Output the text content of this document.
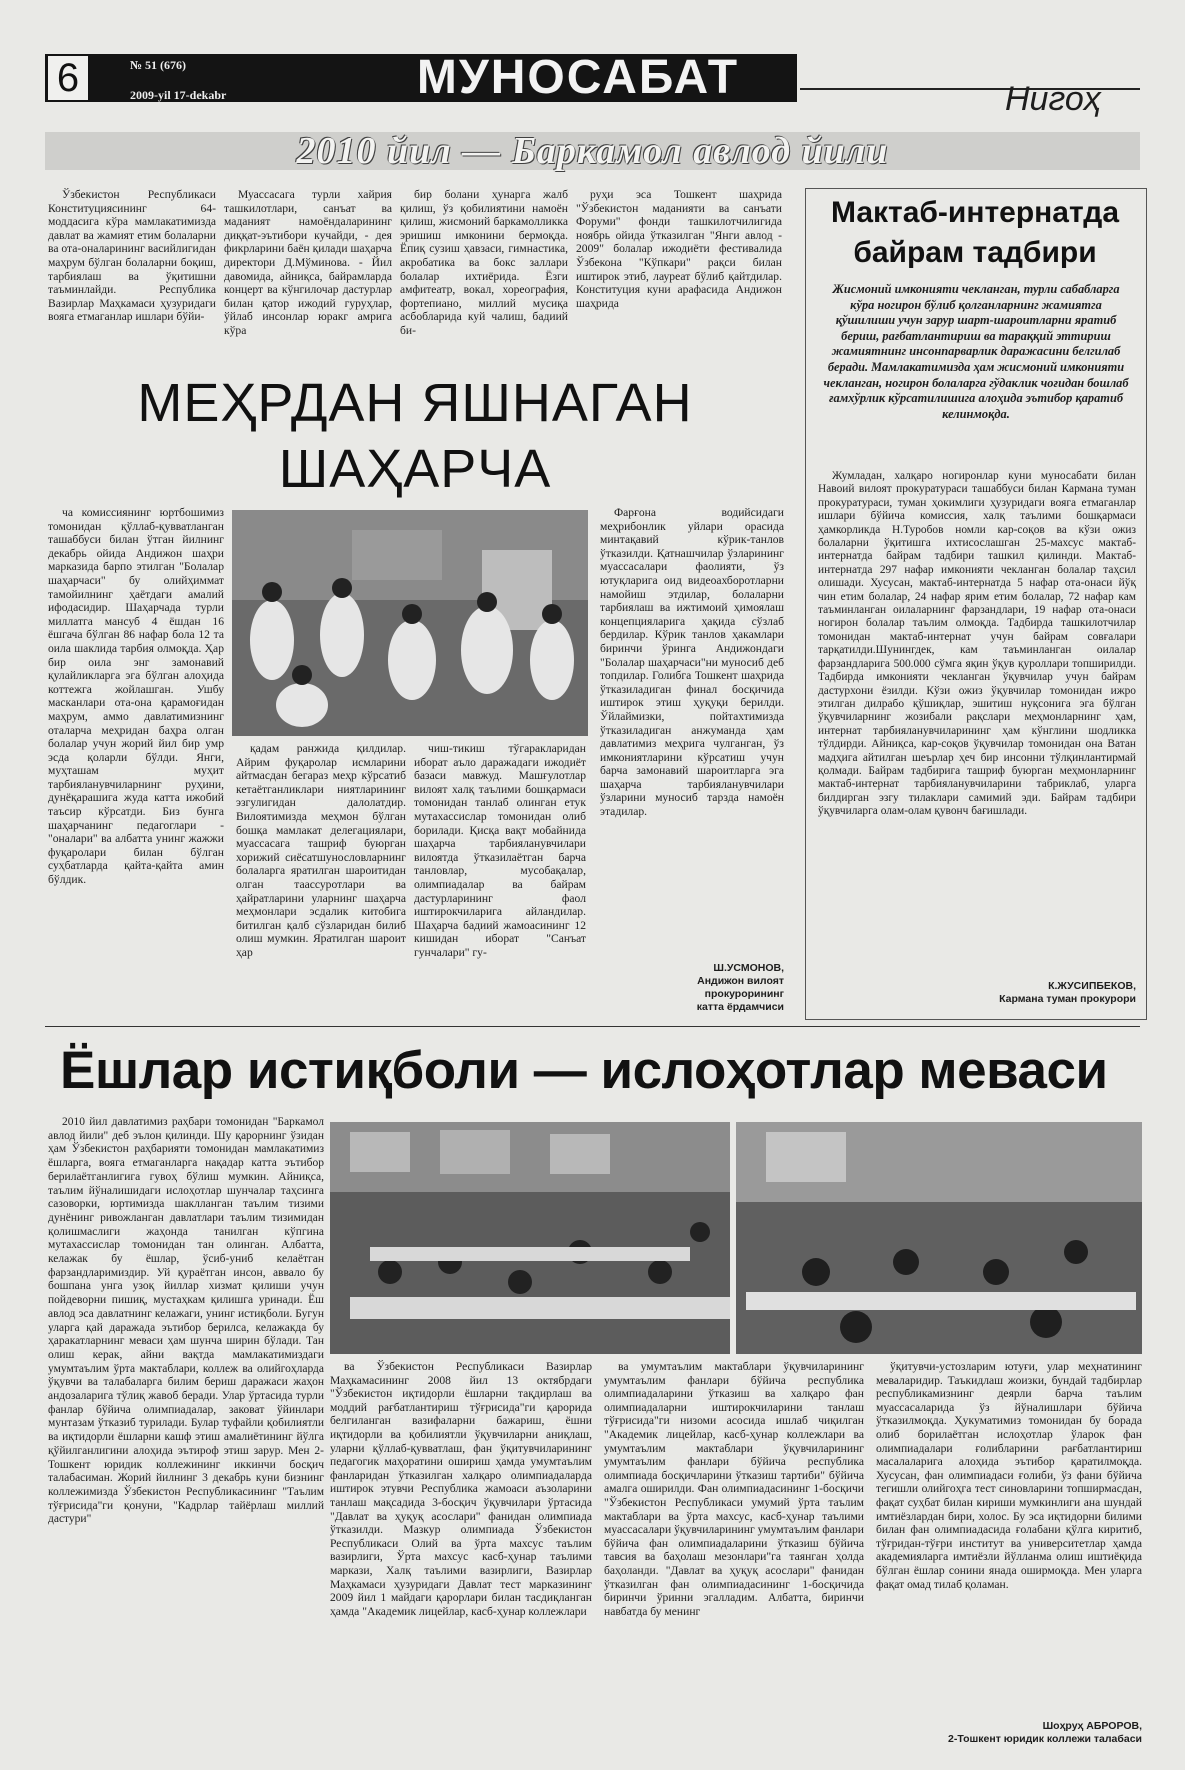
6	№ 51 (676)
2009-yil 17-dekabr	МУНОСАБАТ	Нигоҳ
2010 йил — Баркамол авлод йили

Ўзбекистон Республикаси Конституциясининг 64-моддасига кўра мамлакатимизда давлат ва жамият етим болаларни ва ота-оналарининг васийлигидан маҳрум бўлган болаларни боқиш, тарбиялаш ва ўқитишни таъминлайди. Республика Вазирлар Маҳкамаси ҳузуридаги вояга етмаганлар ишлари бўйи-

Муассасага турли хайрия ташкилотлари, санъат ва маданият намоёндаларининг диққат-эътибори кучайди, - дея фикрларини баён қилади шаҳарча директори Д.Мўминова. - Йил давомида, айниқса, байрамларда концерт ва кўнгилочар дастурлар билан қатор ижодий гуруҳлар, ўйлаб инсонлар юракг амрига кўра

бир болани ҳунарга жалб қилиш, ўз қобилиятини намоён қилиш, жисмоний баркамолликка эришиш имконини бермоқда. Ёпиқ сузиш ҳавзаси, гимнастика, акробатика ва бокс заллари болалар ихтиёрида. Ёзги амфитеатр, вокал, хореография, фортепиано, миллий мусиқа асбобларида куй чалиш, бадиий би-

руҳи эса Тошкент шаҳрида "Ўзбекистон маданияти ва санъати Форуми" фонди ташкилотчилигида ноябрь ойида ўтказилган "Янги авлод - 2009" болалар ижодиёти фестивалида Ўзбекона "Кўпкари" рақси билан иштирок этиб, лауреат бўлиб қайтдилар. Конституция куни арафасида Андижон шаҳрида

МЕҲРДАН ЯШНАГАН ШАҲАРЧА

ча комиссиянинг юртбошимиз томонидан қўллаб-қувватланган ташаббуси билан ўтган йилнинг декабрь ойида Андижон шаҳри марказида барпо этилган "Болалар шаҳарчаси" бу олийҳиммат тамойилнинг ҳаётдаги амалий ифодасидир. Шаҳарчада турли миллатга мансуб 4 ёшдан 16 ёшгача бўлган 86 нафар бола 12 та оила шаклида тарбия олмоқда. Ҳар бир оила энг замонавий қулайликларга эга бўлган алоҳида коттежга жойлашган. Ушбу масканлари ота-она қарамоғидан маҳрум, аммо давлатимизнинг оталарча меҳридан баҳра олган болалар учун жорий йил бир умр эсда қоларли бўлди. Янги, муҳташам муҳит тарбияланувчиларнинг руҳини, дунёқарашига жуда катта ижобий таъсир кўрсатди. Биз бунга шаҳарчанинг педагоглари - "оналари" ва албатта унинг жажжи фуқаролари билан бўлган суҳбатларда қайта-қайта амин бўлдик.

қадам ранжида қилдилар. Айрим фуқаролар исмларини айтмасдан бегараз меҳр кўрсатиб кетаётганликлари ниятларининг эзгулигидан далолатдир. Вилоятимизда меҳмон бўлган бошқа мамлакат делегациялари, муассасага ташриф буюрган хорижий сиёсатшунословларнинг болаларга яратилган шароитидан олган таассуротлари ва ҳайратларини уларнинг шаҳарча меҳмонлари эсдалик китобига битилган қалб сўзларидан билиб олиш мумкин. Яратилган шароит ҳар

чиш-тикиш тўгаракларидан иборат аъло даражадаги ижодиёт базаси мавжуд. Машғулотлар вилоят халқ таълими бошқармаси томонидан танлаб олинган етук мутахассислар томонидан олиб борилади. Қисқа вақт мобайнида шаҳарча тарбияланувчилари вилоятда ўтказилаётган барча танловлар, мусобақалар, олимпиадалар ва байрам дастурларининг фаол иштирокчиларига айландилар. Шаҳарча бадиий жамоасининг 12 кишидан иборат "Санъат гунчалари" гу-

Фарғона водийсидаги меҳрибонлик уйлари орасида минтақавий кўрик-танлов ўтказилди. Қатнашчилар ўзларининг муассасалари фаолияти, ўз ютуқларига оид видеоахборотларни намойиш этдилар, болаларни тарбиялаш ва ижтимоий ҳимоялаш концепцияларига ҳақида сўзлаб бердилар. Кўрик танлов ҳакамлари биринчи ўринга Андижондаги "Болалар шаҳарчаси"ни муносиб деб топдилар. Голибга Тошкент шаҳрида ўтказиладиган финал босқичида иштирок этиш ҳуқуқи берилди. Ўйлаймизки, пойтахтимизда ўтказиладиган анжуманда ҳам давлатимиз меҳрига чулганган, ўз имкониятларини кўрсатиш учун барча замонавий шароитларга эга шаҳарча тарбияланувчилари ўзларини муносиб тарзда намоён этадилар.

Ш.УСМОНОВ,
Андижон вилоят
прокурорининг
катта ёрдамчиси
Мактаб-интернатда байрам тадбири
Жисмоний имконияти чекланган, турли сабабларга кўра ногирон бўлиб қолганларнинг жамиятга қўшилиши учун зарур шарт-шароитларни яратиб бериш, рағбатлантириш ва тараққий эттириш жамиятнинг инсонпарварлик даражасини белгилаб беради. Мамлакатимизда ҳам жисмоний имконияти чекланган, ногирон болаларга гўдаклик чоғидан бошлаб ғамхўрлик кўрсатилишига алоҳида эътибор қаратиб келинмоқда.

Жумладан, халқаро ногиронлар куни муносабати билан Навоий вилоят прокуратураси ташаббуси билан Кармана туман прокуратураси, туман ҳокимлиги ҳузуридаги вояга етмаганлар ишлари бўйича комиссия, халқ таълими бошқармаси ҳамкорликда Н.Туробов номли кар-соқов ва кўзи ожиз болаларни ўқитишга ихтисослашган 25-махсус мактаб-интернатда байрам тадбири ташкил қилинди. Мактаб-интернатда 297 нафар имконияти чекланган болалар таҳсил олишади. Хусусан, мактаб-интернатда 5 нафар ота-онаси йўқ чин етим болалар, 24 нафар ярим етим болалар, 72 нафар кам таъминланган оилаларнинг фарзандлари, 19 нафар ота-онаси ногирон болалар таълим олмоқда. Тадбирда ташкилотчилар томонидан мактаб-интернат учун байрам совғалари тарқатилди.Шунингдек, кам таъминланган оилалар фарзандларига 500.000 сўмга яқин ўқув қуроллари топширилди. Тадбирда имконияти чекланган ўқувчилар учун байрам дастурхони ёзилди. Кўзи ожиз ўқувчилар томонидан ижро этилган дилрабо қўшиқлар, эшитиш нуқсонига эга бўлган ўқувчиларнинг жозибали рақслари меҳмонларнинг ҳам, интернат тарбияланувчиларининг ҳам кўнглини шодликка тўлдирди. Айниқса, кар-соқов ўқувчилар томонидан она Ватан мадҳига айтилган шеърлар ҳеч бир инсонни тўлқинлантирмай қолмади. Байрам тадбирига ташриф буюрган меҳмонларнинг мактаб-интернат тарбияланувчиларини табриклаб, уларга билдирган эзгу тилаклари самимий эди. Байрам тадбири ўқувчиларга олам-олам қувонч бағишлади.

К.ЖУСИПБЕКОВ,
Кармана туман прокурори
Ёшлар истиқболи — ислоҳотлар меваси

2010 йил давлатимиз раҳбари томонидан "Баркамол авлод йили" деб эълон қилинди. Шу қарорнинг ўзидан ҳам Ўзбекистон раҳбарияти томонидан мамлакатимиз ёшларга, вояга етмаганларга нақадар катта эътибор берилаётганлигига гувоҳ бўлиш мумкин. Айниқса, таълим йўналишидаги ислоҳотлар шунчалар таҳсинга сазоворки, юртимизда шаклланган таълим тизими дунёнинг ривожланган давлатлари таълим тизимидан қолишмаслиги жаҳонда танилган кўпгина мутахассислар томонидан тан олинган. Албатта, келажак бу ёшлар, ўсиб-униб келаётган фарзандларимиздир. Уй қураётган инсон, аввало бу бошпана унга узоқ йиллар хизмат қилиши учун пойдеворни пишиқ, мустаҳкам қилишга уринади. Ёш авлод эса давлатнинг келажаги, унинг истиқболи. Бугун уларга қай даражада эътибор берилса, келажакда бу ҳаракатларнинг меваси ҳам шунча ширин бўлади. Тан олиш керак, айни вақтда мамлакатимиздаги умумтаълим ўрта мактаблари, коллеж ва олийгоҳларда ўқувчи ва талабаларга билим бериш даражаси жаҳон андозаларига тўлиқ жавоб беради. Улар ўртасида турли фанлар бўйича олимпиадалар, заковат ўйинлари мунтазам ўтказиб турилади. Булар туфайли қобилиятли ва иқтидорли ёшларни кашф этиш амалиётининг йўлга қўйилганлигини алоҳида эътироф этиш зарур. Мен 2-Тошкент юридик коллежининг иккинчи босқич талабасиман. Жорий йилнинг 3 декабрь куни бизнинг коллежимизда Ўзбекистон Республикасининг "Таълим тўғрисида"ги қонуни, "Кадрлар тайёрлаш миллий дастури"

ва Ўзбекистон Республикаси Вазирлар Маҳкамасининг 2008 йил 13 октябрдаги "Ўзбекистон иқтидорли ёшларни тақдирлаш ва моддий рағбатлантириш тўғрисида"ги қарорида белгиланган вазифаларни бажариш, ёшни иқтидорли ва қобилиятли ўқувчиларни аниқлаш, уларни қўллаб-қувватлаш, фан ўқитувчиларининг педагогик маҳоратини ошириш ҳамда умумтаълим фанларидан ўтказилган халқаро олимпиадаларда иштирок этувчи Республика жамоаси аъзоларини танлаш мақсадида 3-босқич ўқувчилари ўртасида "Давлат ва ҳуқуқ асослари" фанидан олимпиада ўтказилди. Мазкур олимпиада Ўзбекистон Республикаси Олий ва ўрта махсус таълим вазирлиги, Ўрта махсус касб-ҳунар таълими маркази, Халқ таълими вазирлиги, Вазирлар Маҳкамаси ҳузуридаги Давлат тест марказининг 2009 йил 1 майдаги қарорлари билан тасдиқланган ҳамда "Академик лицейлар, касб-ҳунар коллежлари

ва умумтаълим мактаблари ўқувчиларининг умумтаълим фанлари бўйича республика олимпиадаларини ўтказиш ва халқаро фан олимпиадаларни иштирокчиларини танлаш тўғрисида"ги низоми асосида ишлаб чиқилган "Академик лицейлар, касб-ҳунар коллежлари ва умумтаълим мактаблари ўқувчиларининг умумтаълим фанлари бўйича республика олимпиада босқичларини ўтказиш тартиби" бўйича амалга оширилди. Фан олимпиадасининг 1-босқичи "Ўзбекистон Республикаси умумий ўрта таълим мактаблари ва ўрта махсус, касб-ҳунар таълими муассасалари ўқувчиларининг умумтаълим фанлари бўйича фан олимпиадаларини ўтказиш бўйича тавсия ва баҳолаш мезонлари"га таянган ҳолда баҳоланди. "Давлат ва ҳуқуқ асослари" фанидан ўтказилган фан олимпиадасининг 1-босқичида биринчи ўринни эгалладим. Албатта, биринчи навбатда бу менинг

ўқитувчи-устозларим ютуғи, улар меҳнатининг меваларидир. Таъкидлаш жоизки, бундай тадбирлар республикамизнинг деярли барча таълим муассасаларида ўз йўналишлари бўйича ўтказилмоқда. Ҳукуматимиз томонидан бу борада олиб борилаётган ислоҳотлар ўларок фан олимпиадалари ғолибларини рағбатлантириш масалаларига алоҳида эътибор қаратилмоқда. Хусусан, фан олимпиадаси ғолиби, ўз фани бўйича тегишли олийгоҳга тест синовларини топширмасдан, фақат суҳбат билан кириши мумкинлиги ана шундай имтиёзлардан бири, холос. Бу эса иқтидорни билими билан фан олимпиадасида ғолабани қўлга киритиб, тўғридан-тўғри институт ва университетлар ҳамда академияларга имтиёзли йўлланма олиш иштиёқида бўлган ёшлар сонини янада оширмоқда. Мен уларга фақат омад тилаб қоламан.

Шоҳруҳ АБРОРОВ,
2-Тошкент юридик коллежи талабаси
